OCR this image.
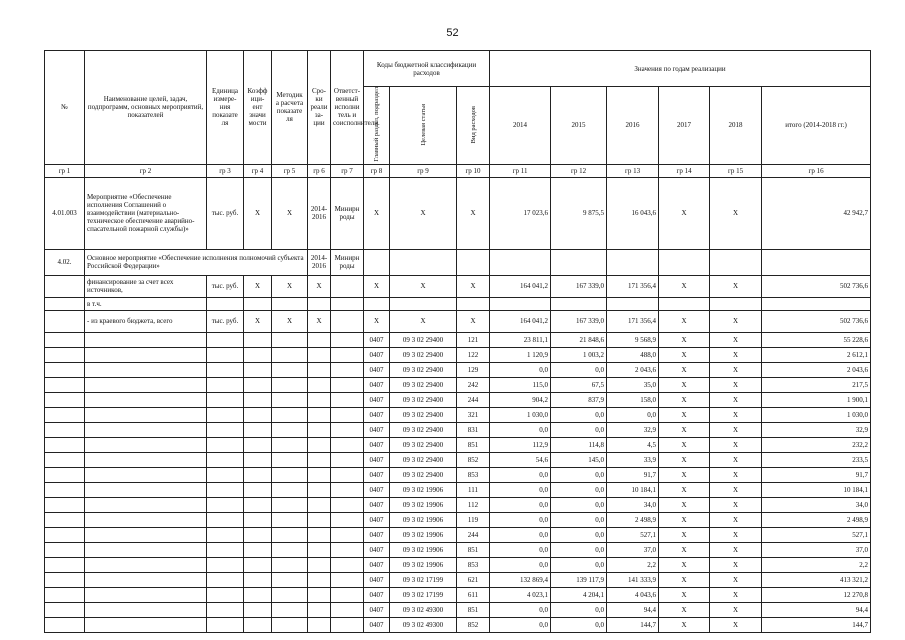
52
№	Наименование целей, задач, подпрограмм, основных мероприятий, показателей	Единица измере-ния показате ля	Коэфф ици-ент значи мости	Методик а расчета показате ля	Сро-ки реали за-ции	Ответст-венный исполни тель и соисполнители	Коды бюджетной классификации расходов			Значения по годам реализации					
							Главный раздел, подраздел	Целевая статья	Вид расходов	2014	2015	2016	2017	2018	итого (2014-2018 гг.)
гр 1	гр 2	гр 3	гр 4	гр 5	гр 6	гр 7	гр 8	гр 9	гр 10	гр 11	гр 12	гр 13	гр 14	гр 15	гр 16
4.01.003	Мероприятие «Обеспечение исполнения Соглашений о взаимодействии (материально-техническое обеспечение аварийно-спасательной пожарной службы)»	тыс. руб.	X	X	2014-2016	Минирн роды	X	X	X	17 023,6	9 875,5	16 043,6	X	X	42 942,7
4.02.	Основное мероприятие «Обеспечение исполнения полномочий субъекта Российской Федерации»				2014-2016	Минирн роды									
	финансирование за счет всех источников,	тыс. руб.	X	X	X		X	X	X	164 041,2	167 339,0	171 356,4	X	X	502 736,6
	в т.ч.														
	- из краевого бюджета, всего	тыс. руб.	X	X	X		X	X	X	164 041,2	167 339,0	171 356,4	X	X	502 736,6
							0407	09 3 02 29400	121	23 811,1	21 848,6	9 568,9	X	X	55 228,6
							0407	09 3 02 29400	122	1 120,9	1 003,2	488,0	X	X	2 612,1
							0407	09 3 02 29400	129	0,0	0,0	2 043,6	X	X	2 043,6
							0407	09 3 02 29400	242	115,0	67,5	35,0	X	X	217,5
							0407	09 3 02 29400	244	904,2	837,9	158,0	X	X	1 900,1
							0407	09 3 02 29400	321	1 030,0	0,0	0,0	X	X	1 030,0
							0407	09 3 02 29400	831	0,0	0,0	32,9	X	X	32,9
							0407	09 3 02 29400	851	112,9	114,8	4,5	X	X	232,2
							0407	09 3 02 29400	852	54,6	145,0	33,9	X	X	233,5
							0407	09 3 02 29400	853	0,0	0,0	91,7	X	X	91,7
							0407	09 3 02 19906	111	0,0	0,0	10 184,1	X	X	10 184,1
							0407	09 3 02 19906	112	0,0	0,0	34,0	X	X	34,0
							0407	09 3 02 19906	119	0,0	0,0	2 498,9	X	X	2 498,9
							0407	09 3 02 19906	244	0,0	0,0	527,1	X	X	527,1
							0407	09 3 02 19906	851	0,0	0,0	37,0	X	X	37,0
							0407	09 3 02 19906	853	0,0	0,0	2,2	X	X	2,2
							0407	09 3 02 17199	621	132 869,4	139 117,9	141 333,9	X	X	413 321,2
							0407	09 3 02 17199	611	4 023,1	4 204,1	4 043,6	X	X	12 270,8
							0407	09 3 02 49300	851	0,0	0,0	94,4	X	X	94,4
							0407	09 3 02 49300	852	0,0	0,0	144,7	X	X	144,7
